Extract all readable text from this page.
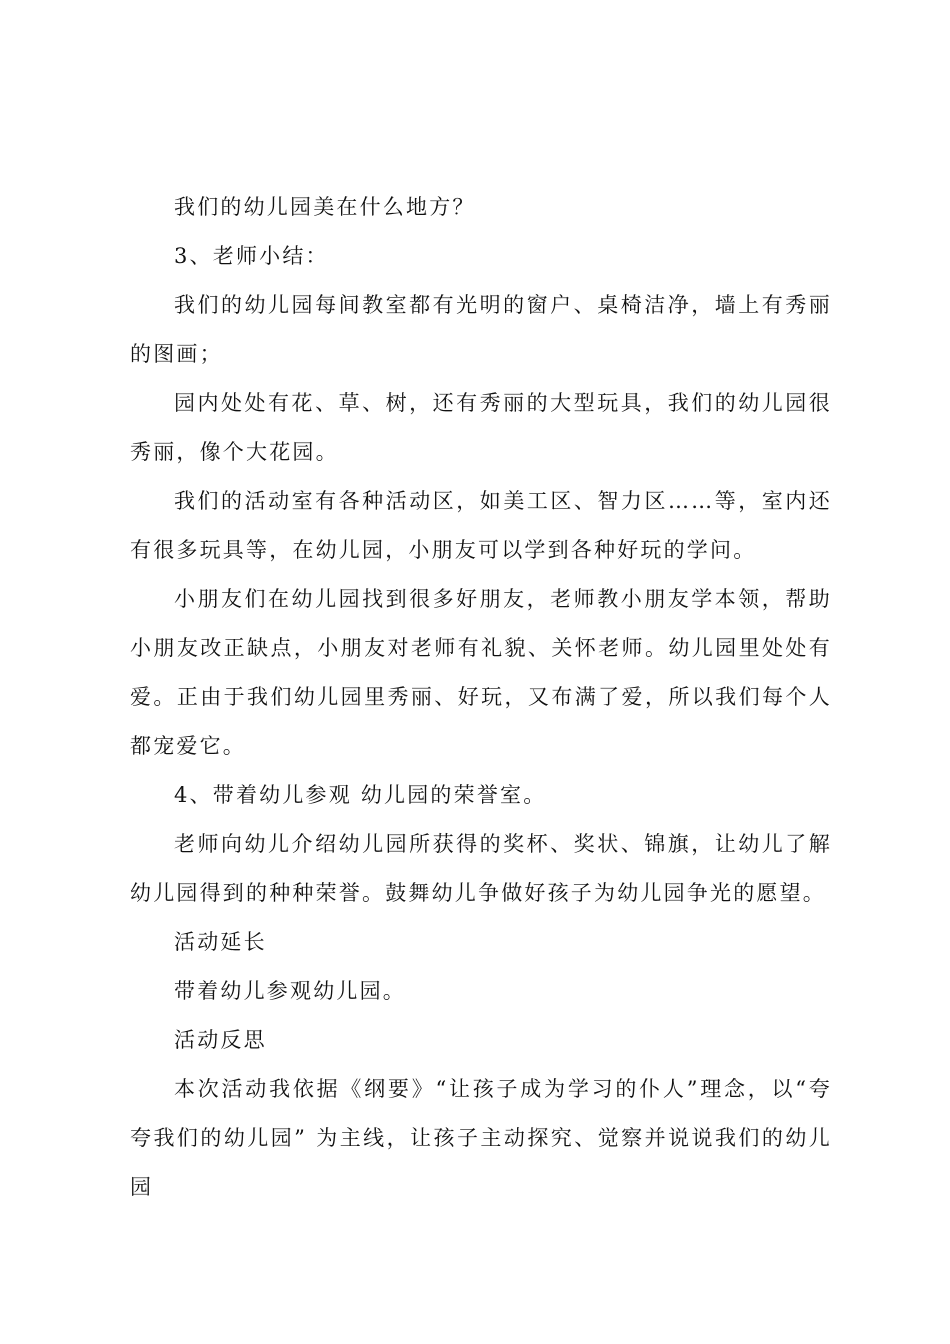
我们的幼儿园美在什么地方？

3、老师小结：

我们的幼儿园每间教室都有光明的窗户、桌椅洁净，墙上有秀丽的图画；

园内处处有花、草、树，还有秀丽的大型玩具，我们的幼儿园很秀丽，像个大花园。

我们的活动室有各种活动区，如美工区、智力区……等，室内还有很多玩具等，在幼儿园，小朋友可以学到各种好玩的学问。

小朋友们在幼儿园找到很多好朋友，老师教小朋友学本领，帮助小朋友改正缺点，小朋友对老师有礼貌、关怀老师。幼儿园里处处有爱。正由于我们幼儿园里秀丽、好玩，又布满了爱，所以我们每个人都宠爱它。

4、带着幼儿参观 幼儿园的荣誉室。

老师向幼儿介绍幼儿园所获得的奖杯、奖状、锦旗，让幼儿了解幼儿园得到的种种荣誉。鼓舞幼儿争做好孩子为幼儿园争光的愿望。

活动延长

带着幼儿参观幼儿园。

活动反思

本次活动我依据《纲要》“让孩子成为学习的仆人”理念，以“夸夸我们的幼儿园” 为主线，让孩子主动探究、觉察并说说我们的幼儿园
